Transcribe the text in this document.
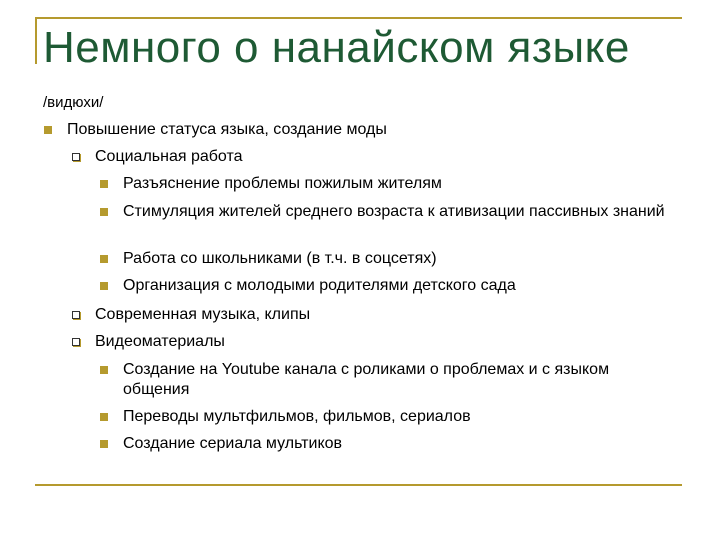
Немного о нанайском языке
/видюхи/
Повышение статуса языка, создание моды
Социальная работа
Разъяснение проблемы пожилым жителям
Стимуляция жителей среднего возраста к ативизации пассивных знаний
Работа со школьниками (в т.ч. в соцсетях)
Организация с молодыми родителями детского сада
Современная музыка, клипы
Видеоматериалы
Создание на Youtube канала с роликами о проблемах и с языком общения
Переводы мультфильмов, фильмов, сериалов
Создание сериала мультиков
